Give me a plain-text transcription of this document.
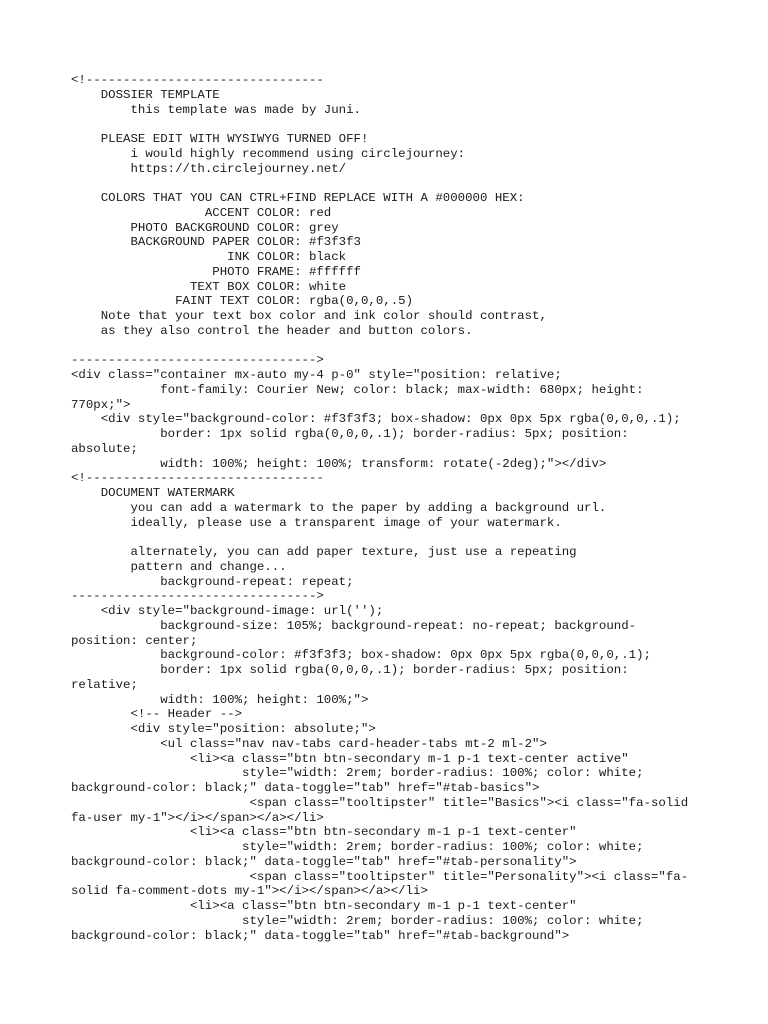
<!--------------------------------
DOSSIER TEMPLATE
this template was made by Juni.
PLEASE EDIT WITH WYSIWYG TURNED OFF!
i would highly recommend using circlejourney:
https://th.circlejourney.net/
COLORS THAT YOU CAN CTRL+FIND REPLACE WITH A #000000 HEX:
ACCENT COLOR: red
PHOTO BACKGROUND COLOR: grey
BACKGROUND PAPER COLOR: #f3f3f3
INK COLOR: black
PHOTO FRAME: #ffffff
TEXT BOX COLOR: white
FAINT TEXT COLOR: rgba(0,0,0,.5)
Note that your text box color and ink color should contrast,
as they also control the header and button colors.
--------------------------------->
<div class="container mx-auto my-4 p-0" style="position: relative;
font-family: Courier New; color: black; max-width: 680px; height:
770px;">
<div style="background-color: #f3f3f3; box-shadow: 0px 0px 5px rgba(0,0,0,.1);
border: 1px solid rgba(0,0,0,.1); border-radius: 5px; position:
absolute;
width: 100%; height: 100%; transform: rotate(-2deg);"></div>
<!--------------------------------
DOCUMENT WATERMARK
you can add a watermark to the paper by adding a background url.
ideally, please use a transparent image of your watermark.
alternately, you can add paper texture, just use a repeating
pattern and change...
background-repeat: repeat;
--------------------------------->
<div style="background-image: url('');
background-size: 105%; background-repeat: no-repeat; background-
position: center;
background-color: #f3f3f3; box-shadow: 0px 0px 5px rgba(0,0,0,.1);
border: 1px solid rgba(0,0,0,.1); border-radius: 5px; position:
relative;
width: 100%; height: 100%;">
<!-- Header -->
<div style="position: absolute;">
<ul class="nav nav-tabs card-header-tabs mt-2 ml-2">
<li><a class="btn btn-secondary m-1 p-1 text-center active"
style="width: 2rem; border-radius: 100%; color: white;
background-color: black;" data-toggle="tab" href="#tab-basics">
<span class="tooltipster" title="Basics"><i class="fa-solid
fa-user my-1"></i></span></a></li>
<li><a class="btn btn-secondary m-1 p-1 text-center"
style="width: 2rem; border-radius: 100%; color: white;
background-color: black;" data-toggle="tab" href="#tab-personality">
<span class="tooltipster" title="Personality"><i class="fa-
solid fa-comment-dots my-1"></i></span></a></li>
<li><a class="btn btn-secondary m-1 p-1 text-center"
style="width: 2rem; border-radius: 100%; color: white;
background-color: black;" data-toggle="tab" href="#tab-background">
